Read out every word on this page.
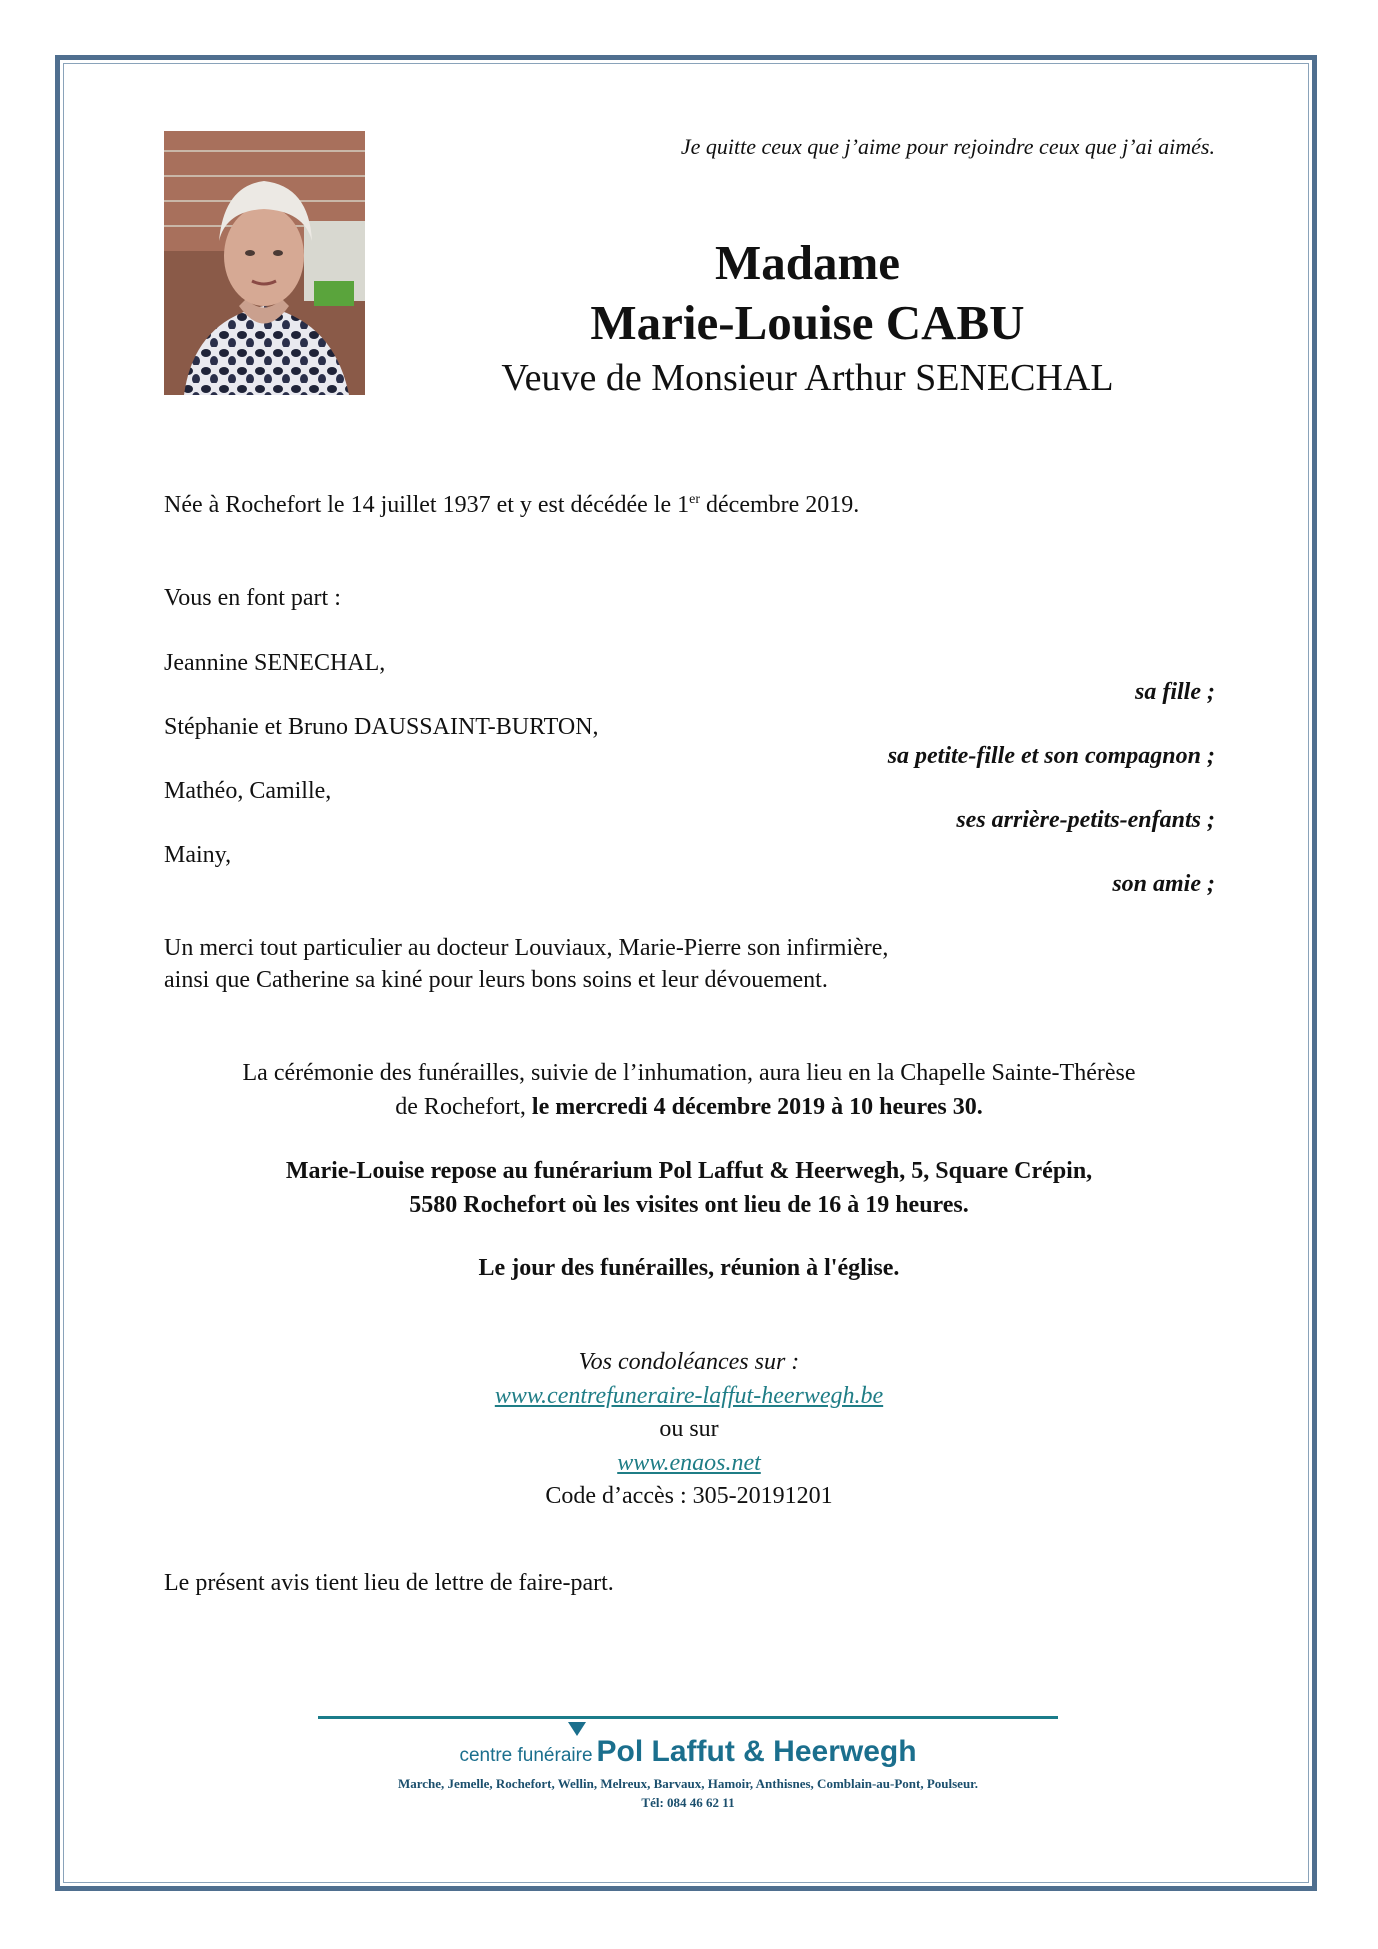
Je quitte ceux que j’aime pour rejoindre ceux que j’ai aimés.
Madame
Marie-Louise CABU
Veuve de Monsieur Arthur SENECHAL
Née à Rochefort le 14 juillet 1937 et y est décédée le 1er décembre 2019.
Vous en font part :
Jeannine SENECHAL,
sa fille ;
Stéphanie et Bruno DAUSSAINT-BURTON,
sa petite-fille et son compagnon ;
Mathéo, Camille,
ses arrière-petits-enfants ;
Mainy,
son amie ;
Un merci tout particulier au docteur Louviaux, Marie-Pierre son infirmière,
ainsi que Catherine sa kiné pour leurs bons soins et leur dévouement.
La cérémonie des funérailles, suivie de l’inhumation, aura lieu en la Chapelle Sainte-Thérèse
de Rochefort, le mercredi 4 décembre 2019 à 10 heures 30.
Marie-Louise repose au funérarium Pol Laffut & Heerwegh, 5, Square Crépin,
5580 Rochefort où les visites ont lieu de 16 à 19 heures.
Le jour des funérailles, réunion à l'église.
Vos condoléances sur :
www.centrefuneraire-laffut-heerwegh.be
ou sur
www.enaos.net
Code d’accès : 305-20191201
Le présent avis tient lieu de lettre de faire-part.
centre funéraire Pol Laffut & Heerwegh
Marche, Jemelle, Rochefort, Wellin, Melreux, Barvaux, Hamoir, Anthisnes, Comblain-au-Pont, Poulseur.
Tél: 084 46 62 11
